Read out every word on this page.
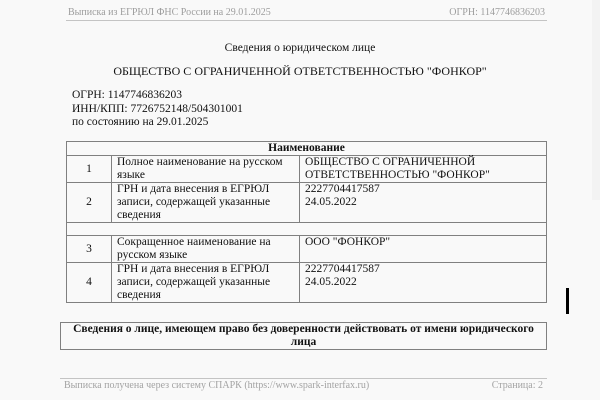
Выписка из ЕГРЮЛ ФНС России на 29.01.2025	ОГРН: 1147746836203
Сведения о юридическом лице
ОБЩЕСТВО С ОГРАНИЧЕННОЙ ОТВЕТСТВЕННОСТЬЮ "ФОНКОР"
ОГРН: 1147746836203
ИНН/КПП: 7726752148/504301001
по состоянию на 29.01.2025
Наименование		
1	Полное наименование на русском языке	ОБЩЕСТВО С ОГРАНИЧЕННОЙ
ОТВЕТСТВЕННОСТЬЮ "ФОНКОР"

2	ГРН и дата внесения в ЕГРЮЛ записи, содержащей указанные сведения	2227704417587
24.05.2022

3	Сокращенное наименование на русском языке	ООО "ФОНКОР"

4	ГРН и дата внесения в ЕГРЮЛ записи, содержащей указанные сведения	2227704417587
24.05.2022
Сведения о лице, имеющем право без доверенности действовать от имени юридического лица
Выписка получена через систему СПАРК (https://www.spark-interfax.ru)	Страница: 2
